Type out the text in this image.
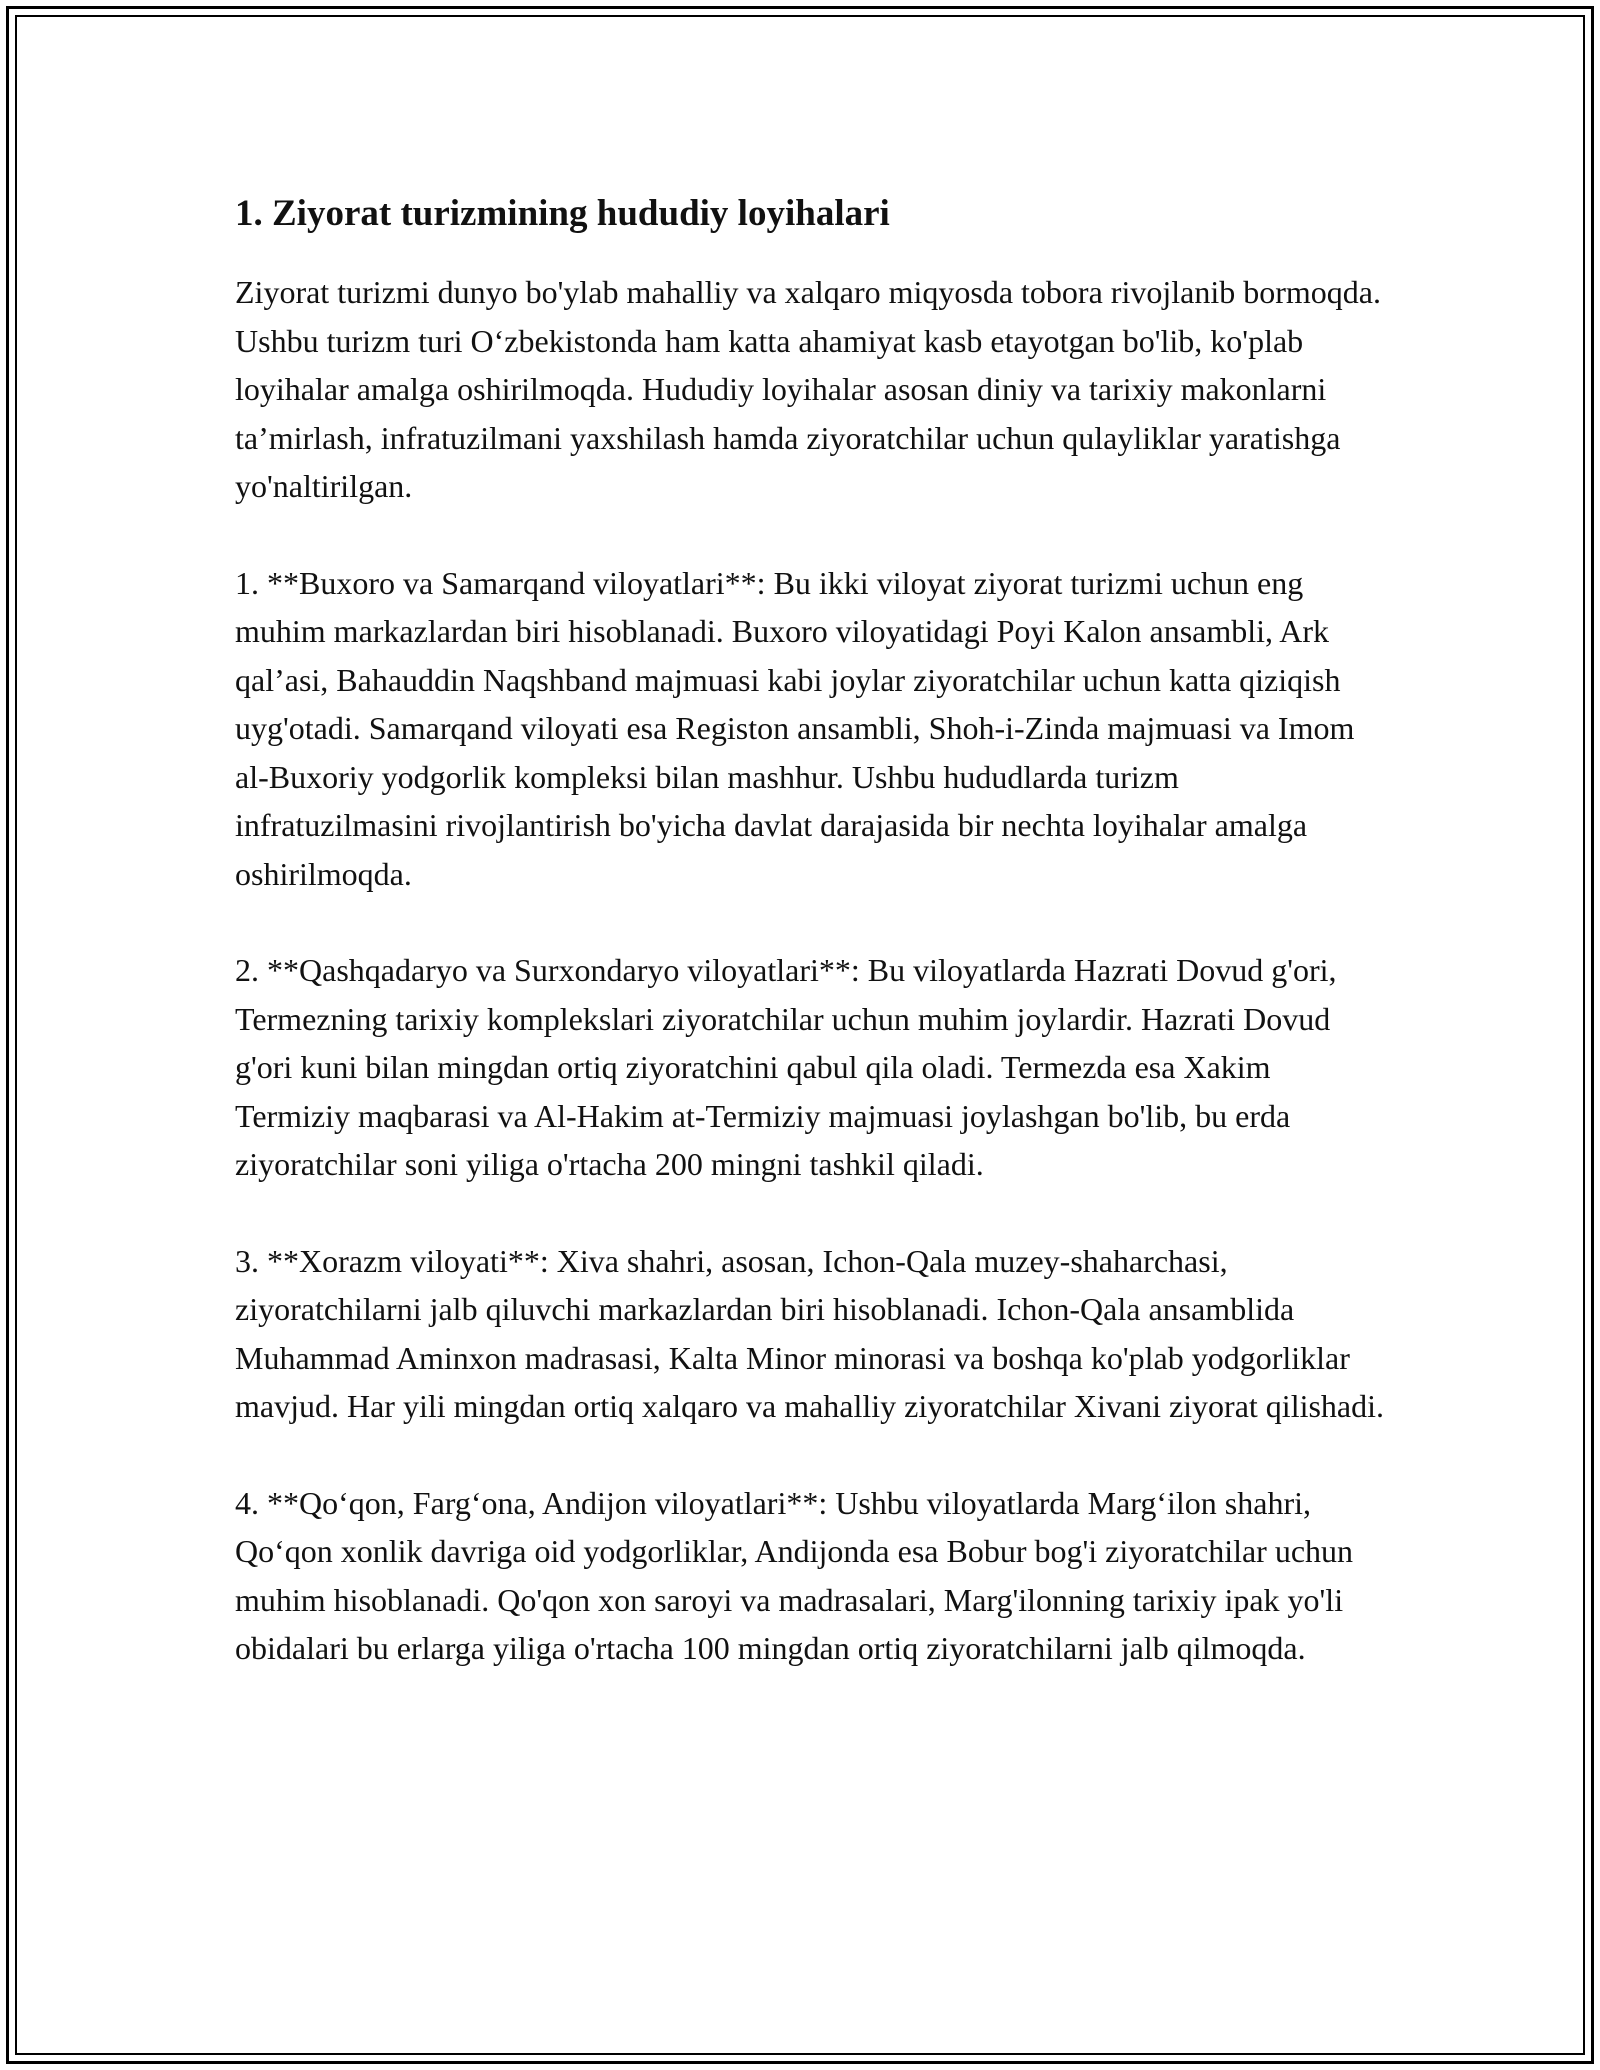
1. Ziyorat turizmining hududiy loyihalari

Ziyorat turizmi dunyo bo'ylab mahalliy va xalqaro miqyosda tobora rivojlanib bormoqda. Ushbu turizm turi O‘zbekistonda ham katta ahamiyat kasb etayotgan bo'lib, ko'plab loyihalar amalga oshirilmoqda. Hududiy loyihalar asosan diniy va tarixiy makonlarni ta’mirlash, infratuzilmani yaxshilash hamda ziyoratchilar uchun qulayliklar yaratishga yo'naltirilgan.

1. **Buxoro va Samarqand viloyatlari**: Bu ikki viloyat ziyorat turizmi uchun eng muhim markazlardan biri hisoblanadi. Buxoro viloyatidagi Poyi Kalon ansambli, Ark qal’asi, Bahauddin Naqshband majmuasi kabi joylar ziyoratchilar uchun katta qiziqish uyg'otadi. Samarqand viloyati esa Registon ansambli, Shoh-i-Zinda majmuasi va Imom al-Buxoriy yodgorlik kompleksi bilan mashhur. Ushbu hududlarda turizm infratuzilmasini rivojlantirish bo'yicha davlat darajasida bir nechta loyihalar amalga oshirilmoqda.

2. **Qashqadaryo va Surxondaryo viloyatlari**: Bu viloyatlarda Hazrati Dovud g'ori, Termezning tarixiy komplekslari ziyoratchilar uchun muhim joylardir. Hazrati Dovud g'ori kuni bilan mingdan ortiq ziyoratchini qabul qila oladi. Termezda esa Xakim Termiziy maqbarasi va Al-Hakim at-Termiziy majmuasi joylashgan bo'lib, bu erda ziyoratchilar soni yiliga o'rtacha 200 mingni tashkil qiladi.

3. **Xorazm viloyati**: Xiva shahri, asosan, Ichon-Qala muzey-shaharchasi, ziyoratchilarni jalb qiluvchi markazlardan biri hisoblanadi. Ichon-Qala ansamblida Muhammad Aminxon madrasasi, Kalta Minor minorasi va boshqa ko'plab yodgorliklar mavjud. Har yili mingdan ortiq xalqaro va mahalliy ziyoratchilar Xivani ziyorat qilishadi.

4. **Qo‘qon, Farg‘ona, Andijon viloyatlari**: Ushbu viloyatlarda Marg‘ilon shahri, Qo‘qon xonlik davriga oid yodgorliklar, Andijonda esa Bobur bog'i ziyoratchilar uchun muhim hisoblanadi. Qo'qon xon saroyi va madrasalari, Marg'ilonning tarixiy ipak yo'li obidalari bu erlarga yiliga o'rtacha 100 mingdan ortiq ziyoratchilarni jalb qilmoqda.
